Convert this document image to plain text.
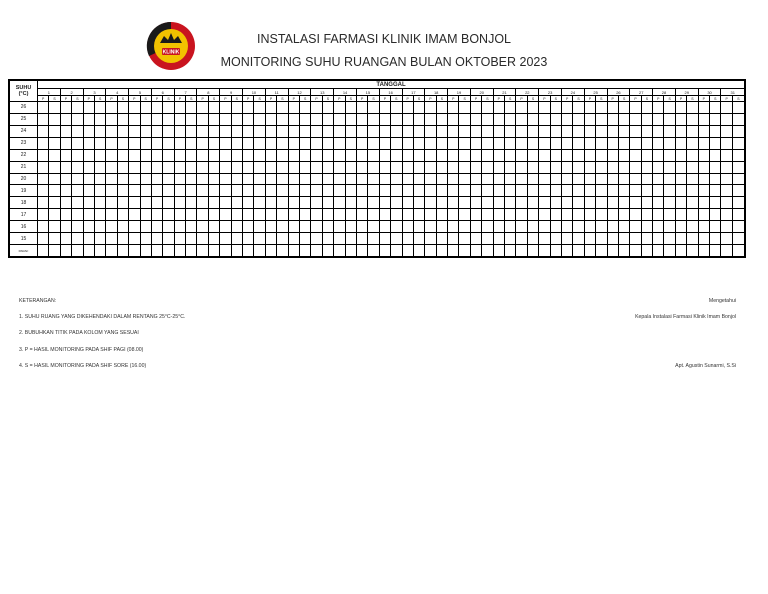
KLINIK
INSTALASI FARMASI KLINIK IMAM BONJOL
MONITORING SUHU RUANGAN BULAN OKTOBER 2023
SUHU
(°C)	TANGGAL																																																													
	1		2		3		4		5		6		7		8		9		10		11		12		13		14		15		16		17		18		19		20		21		22		23		24		25		26		27		28		29		30		31	
	P	S	P	S	P	S	P	S	P	S	P	S	P	S	P	S	P	S	P	S	P	S	P	S	P	S	P	S	P	S	P	S	P	S	P	S	P	S	P	S	P	S	P	S	P	S	P	S	P	S	P	S	P	S	P	S	P	S	P	S	P	S
26																																																														
25																																																														
24																																																														
23																																																														
22																																																														
21																																																														
20																																																														
19																																																														
18																																																														
17																																																														
16																																																														
15																																																														
PARAF																																																														
KETERANGAN:
1. SUHU RUANG YANG DIKEHENDAKI DALAM RENTANG 25°C-25°C.
2. BUBUHKAN TITIK PADA KOLOM YANG SESUAI
3. P = HASIL MONITORING PADA SHIF PAGI (08.00)
4. S = HASIL MONITORING PADA SHIF SORE (16.00)
Mengetahui
Kepala Instalasi Farmasi Klinik Imam Bonjol
Apt. Agustin Sunarmi, S.Si
